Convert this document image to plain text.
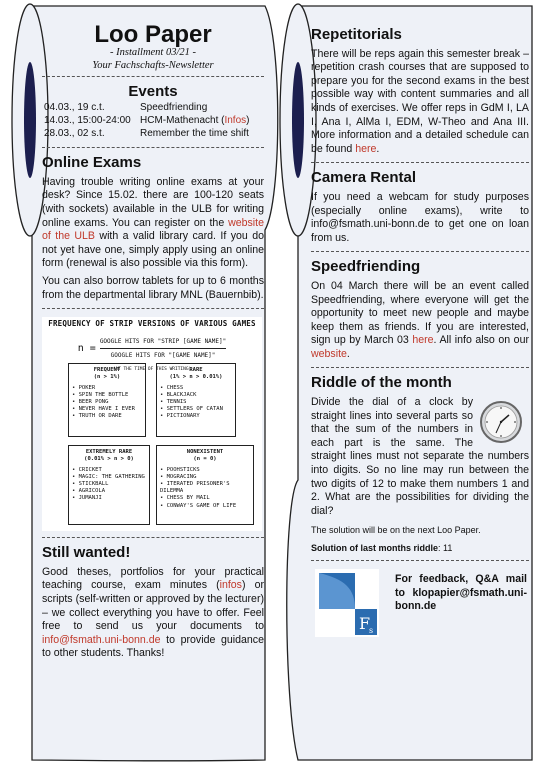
Loo Paper
- Installment 03/21 -
Your Fachschafts-Newsletter
Events
04.03., 19 c.t.	Speedfriending
14.03., 15:00-24:00	HCM-Mathenacht (Infos)
28.03., 02 s.t.	Remember the time shift
Online Exams

Having trouble writing online exams at your desk? Since 15.02. there are 100-120 seats (with sockets) available in the ULB for writing online exams. You can register on the website of the ULB with a valid library card. If you do not yet have one, simply apply using an online form (renewal is also possible via this form).

You can also borrow tablets for up to 6 months from the departmental library MNL (Bauernbib).

FREQUENCY OF STRIP VERSIONS OF VARIOUS GAMES
n =
GOOGLE HITS FOR "STRIP [GAME NAME]"
GOOGLE HITS FOR "[GAME NAME]"
(AT THE TIME OF THIS WRITING)
FREQUENT
(n > 1%)
• POKER
• SPIN THE BOTTLE
• BEER PONG
• NEVER HAVE I EVER
• TRUTH OR DARE
RARE
(1% > n > 0.01%)
• CHESS
• BLACKJACK
• TENNIS
• SETTLERS OF CATAN
• PICTIONARY
EXTREMELY RARE
(0.01% > n > 0)
• CRICKET
• MAGIC: THE GATHERING
• STICKBALL
• AGRICOLA
• JUMANJI
NONEXISTENT
(n = 0)
• POOHSTICKS
• MOGRACING
• ITERATED PRISONER'S DILEMMA
• CHESS BY MAIL
• CONWAY'S GAME OF LIFE
Still wanted!

Good theses, portfolios for your practical teaching course, exam minutes (infos) or scripts (self-written or approved by the lecturer) – we collect everything you have to offer. Feel free to send us your documents to info@fsmath.uni-bonn.de to provide guidance to other students. Thanks!

Repetitorials

There will be reps again this semester break – repetition crash courses that are supposed to prepare you for the second exams in the best possible way with content summaries and all kinds of exercises. We offer reps in GdM I, LA I, Ana I, AlMa I, EDM, W-Theo and Ana III. More information and a detailed schedule can be found here.

Camera Rental

If you need a webcam for study purposes (especially online exams), write to info@fsmath.uni-bonn.de to get one on loan from us.

Speedfriending

On 04 March there will be an event called Speedfriending, where everyone will get the opportunity to meet new people and maybe keep them as friends. If you are interested, sign up by March 03 here. All info also on our website.

Riddle of the month

Divide the dial of a clock by straight lines into several parts so that the sum of the numbers in each part is the same. The straight lines must not separate the numbers into digits. So no line may run between the two digits of 12 to make them numbers 1 and 2. What are the possibilities for dividing the dial?

The solution will be on the next Loo Paper.

Solution of last months riddle: 11

F
s
For feedback, Q&A mail to klopapier@fsmath.uni-bonn.de
